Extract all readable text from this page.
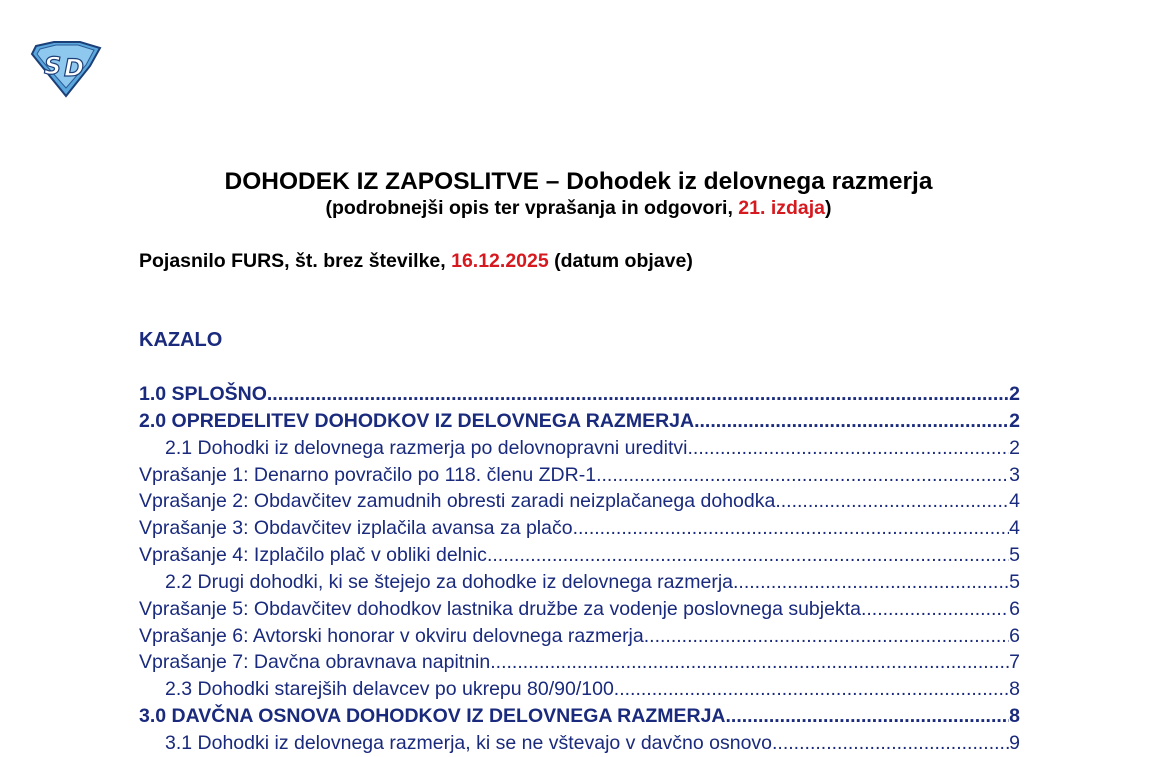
S D
DOHODEK IZ ZAPOSLITVE – Dohodek iz delovnega razmerja
(podrobnejši opis ter vprašanja in odgovori, 21. izdaja)
Pojasnilo FURS, št. brez številke, 16.12.2025 (datum objave)
KAZALO
1.0 SPLOŠNO .....	2
2.0 OPREDELITEV DOHODKOV IZ DELOVNEGA RAZMERJA .....	2
2.1 Dohodki iz delovnega razmerja po delovnopravni ureditvi .....	2
Vprašanje 1: Denarno povračilo po 118. členu ZDR-1 .....	3
Vprašanje 2: Obdavčitev zamudnih obresti zaradi neizplačanega dohodka .....	4
Vprašanje 3: Obdavčitev izplačila avansa za plačo .....	4
Vprašanje 4: Izplačilo plač v obliki delnic .....	5
2.2 Drugi dohodki, ki se štejejo za dohodke iz delovnega razmerja .....	5
Vprašanje 5: Obdavčitev dohodkov lastnika družbe za vodenje poslovnega subjekta .....	6
Vprašanje 6: Avtorski honorar v okviru delovnega razmerja .....	6
Vprašanje 7: Davčna obravnava napitnin .....	7
2.3 Dohodki starejših delavcev po ukrepu 80/90/100 .....	8
3.0 DAVČNA OSNOVA DOHODKOV IZ DELOVNEGA RAZMERJA .....	8
3.1 Dohodki iz delovnega razmerja, ki se ne vštevajo v davčno osnovo .....	9
